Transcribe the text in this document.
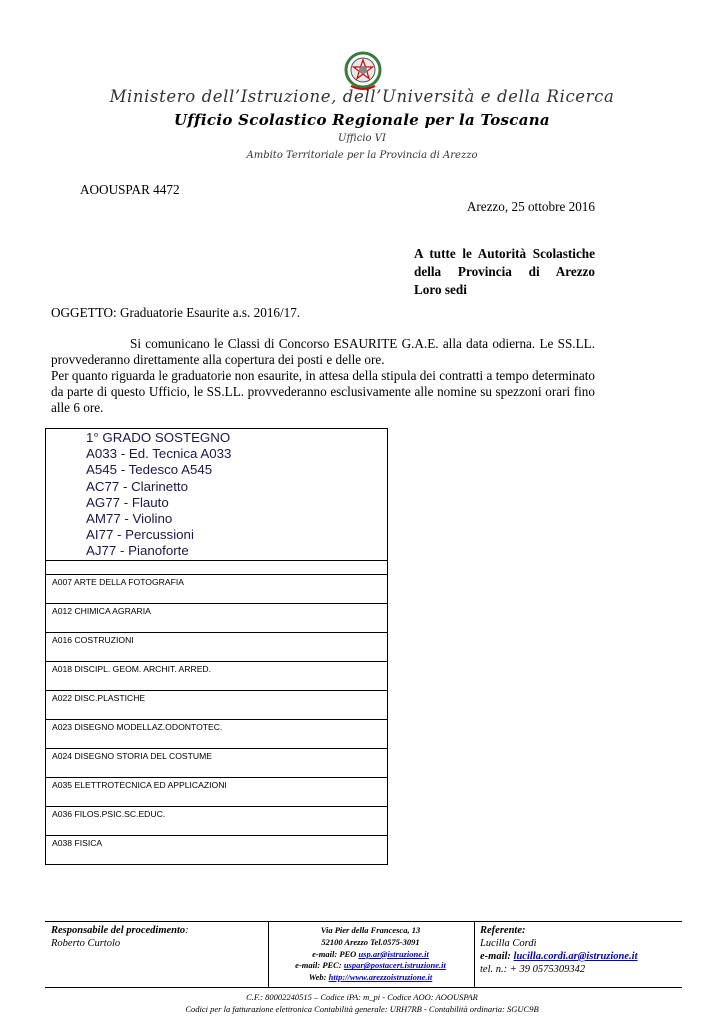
Ministero dell’Istruzione, dell’Università e della Ricerca
Ufficio Scolastico Regionale per la Toscana
Ufficio VI
Ambito Territoriale per la Provincia di Arezzo
AOOUSPAR 4472
Arezzo, 25 ottobre 2016
A tutte le Autorità Scolastiche
della Provincia di Arezzo
Loro sedi
OGGETTO: Graduatorie Esaurite a.s. 2016/17.
Si comunicano le Classi di Concorso ESAURITE G.A.E. alla data odierna. Le SS.LL. provvederanno direttamente alla copertura dei posti e delle ore.
Per quanto riguarda le graduatorie non esaurite, in attesa della stipula dei contratti a tempo determinato da parte di questo Ufficio, le SS.LL. provvederanno esclusivamente alle nomine su spezzoni orari fino alle 6 ore.
1° GRADO SOSTEGNO
A033 - Ed. Tecnica A033
A545 - Tedesco A545
AC77 - Clarinetto
AG77 - Flauto
AM77 - Violino
AI77 - Percussioni
AJ77 - Pianoforte

A007 ARTE DELLA FOTOGRAFIA
A012 CHIMICA AGRARIA
A016 COSTRUZIONI
A018 DISCIPL. GEOM. ARCHIT. ARRED.
A022 DISC.PLASTICHE
A023 DISEGNO MODELLAZ.ODONTOTEC.
A024 DISEGNO STORIA DEL COSTUME
A035 ELETTROTECNICA ED APPLICAZIONI
A036 FILOS.PSIC.SC.EDUC.
A038 FISICA
Responsabile del procedimento:
Roberto Curtolo
Via Pier della Francesca, 13
52100 Arezzo Tel.0575-3091
e-mail: PEO usp.ar@istruzione.it
e-mail: PEC: uspar@postacert.istruzione.it
Web: http://www.arezzoistruzione.it
Referente:
Lucilla Cordì
e-mail: lucilla.cordi.ar@istruzione.it
tel. n.: + 39 0575309342
C.F.: 80002240515 – Codice iPA: m_pi - Codice AOO: AOOUSPAR
Codici per la fatturazione elettronica Contabilità generale: URH7RB - Contabilità ordinaria: SGUC9B
